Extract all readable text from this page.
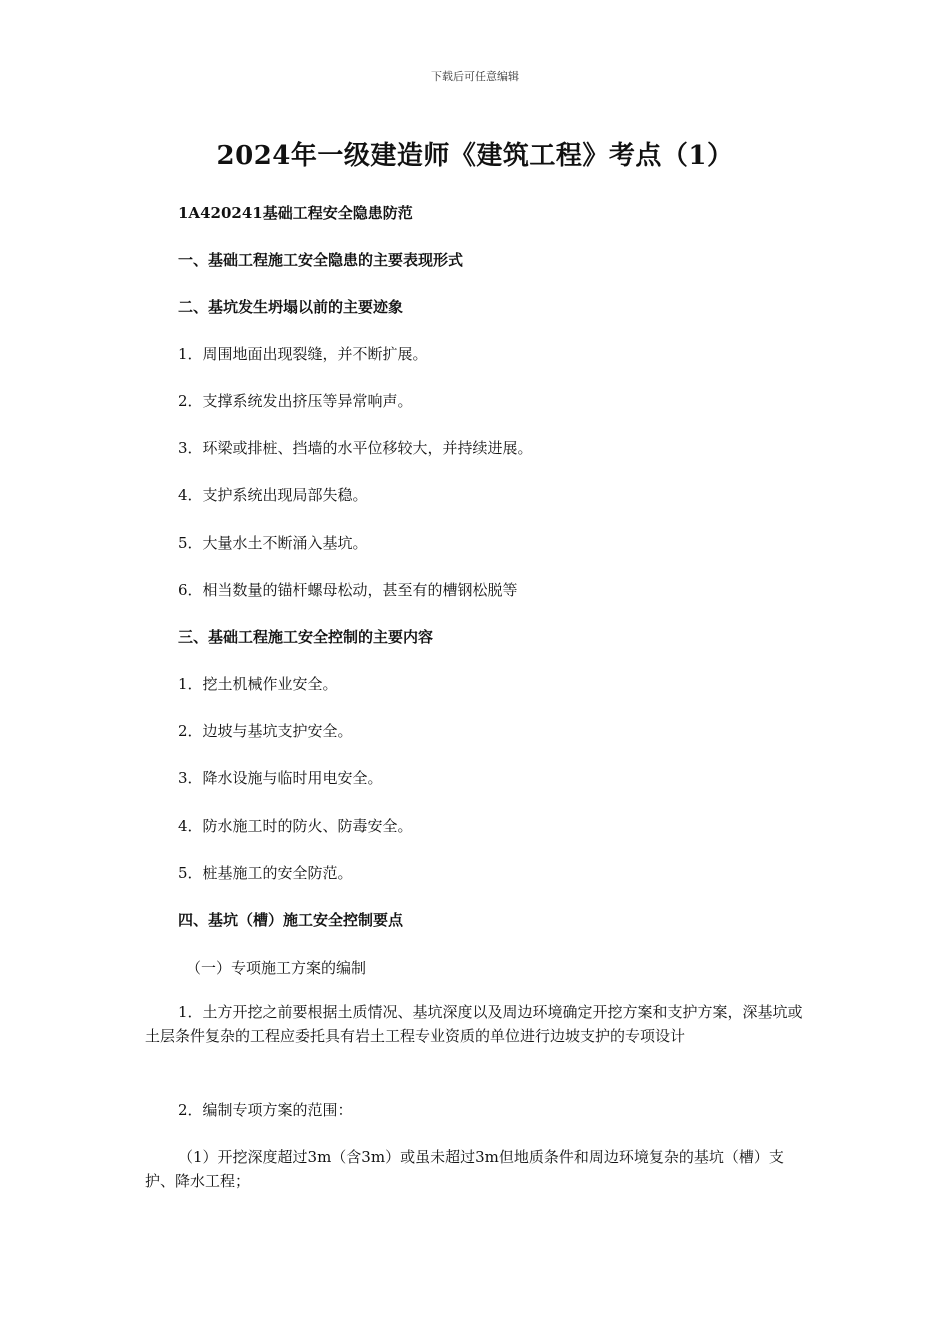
下载后可任意编辑
2024年一级建造师《建筑工程》考点（1）
1A420241基础工程安全隐患防范
一、基础工程施工安全隐患的主要表现形式
二、基坑发生坍塌以前的主要迹象
1．周围地面出现裂缝，并不断扩展。
2．支撑系统发出挤压等异常响声。
3．环梁或排桩、挡墙的水平位移较大，并持续进展。
4．支护系统出现局部失稳。
5．大量水土不断涌入基坑。
6．相当数量的锚杆螺母松动，甚至有的槽钢松脱等
三、基础工程施工安全控制的主要内容
1．挖土机械作业安全。
2．边坡与基坑支护安全。
3．降水设施与临时用电安全。
4．防水施工时的防火、防毒安全。
5．桩基施工的安全防范。
四、基坑（槽）施工安全控制要点
（一）专项施工方案的编制
1．土方开挖之前要根据土质情况、基坑深度以及周边环境确定开挖方案和支护方案，深基坑或土层条件复杂的工程应委托具有岩土工程专业资质的单位进行边坡支护的专项设计
2．编制专项方案的范围：
（1）开挖深度超过3m（含3m）或虽未超过3m但地质条件和周边环境复杂的基坑（槽）支护、降水工程；
